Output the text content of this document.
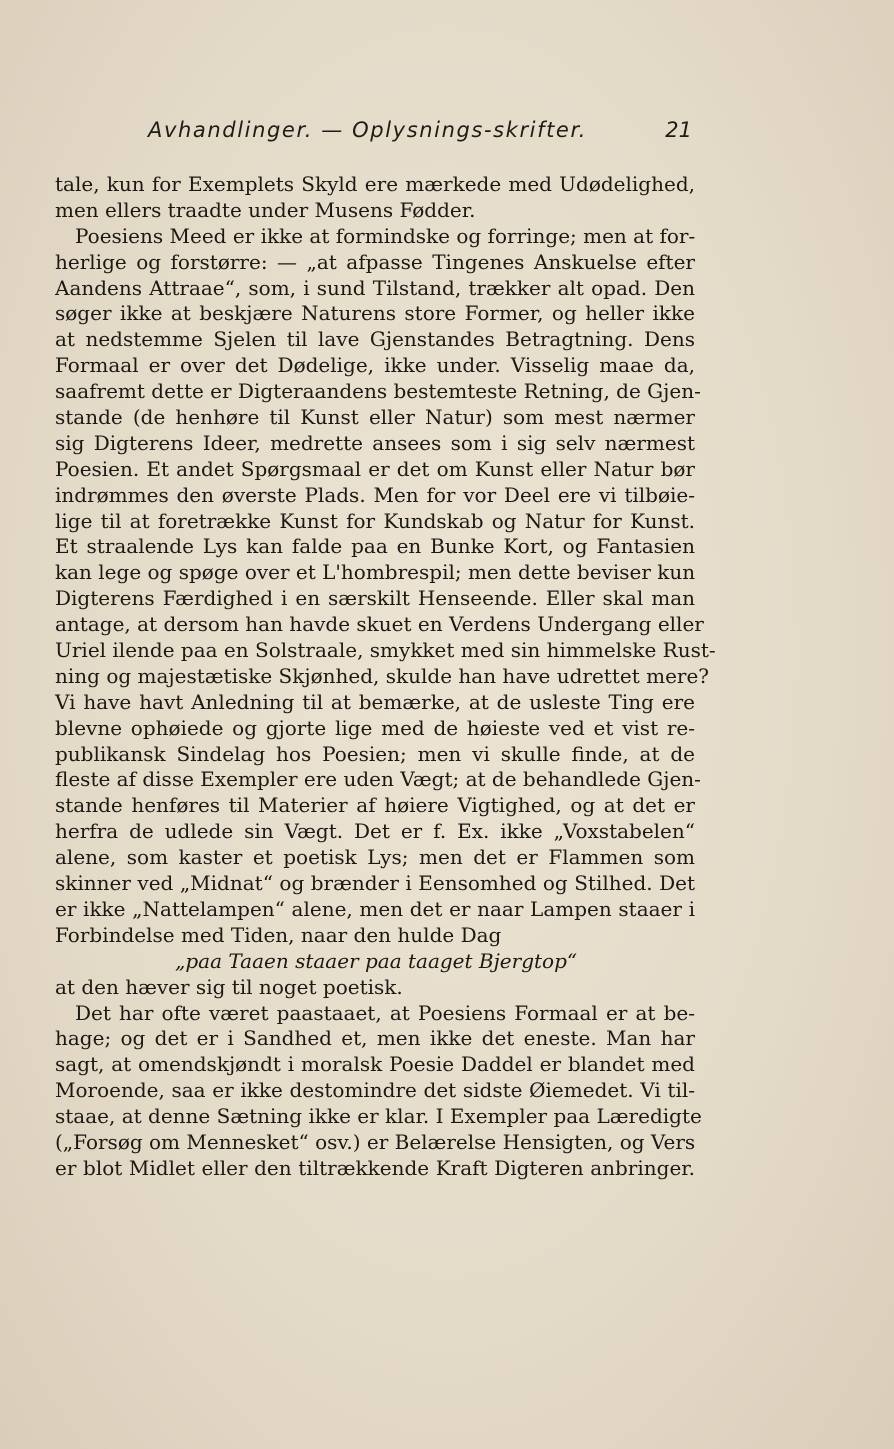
Avhandlinger. — Oplysnings-skrifter.	21
tale, kun for Exemplets Skyld ere mærkede med Udødelighed,
men ellers traadte under Musens Fødder.
Poesiens Meed er ikke at formindske og forringe; men at for-
herlige og forstørre: — „at afpasse Tingenes Anskuelse efter
Aandens Attraae“, som, i sund Tilstand, trækker alt opad. Den
søger ikke at beskjære Naturens store Former, og heller ikke
at nedstemme Sjelen til lave Gjenstandes Betragtning. Dens
Formaal er over det Dødelige, ikke under. Visselig maae da,
saafremt dette er Digteraandens bestemteste Retning, de Gjen-
stande (de henhøre til Kunst eller Natur) som mest nærmer
sig Digterens Ideer, medrette ansees som i sig selv nærmest
Poesien. Et andet Spørgsmaal er det om Kunst eller Natur bør
indrømmes den øverste Plads. Men for vor Deel ere vi tilbøie-
lige til at foretrække Kunst for Kundskab og Natur for Kunst.
Et straalende Lys kan falde paa en Bunke Kort, og Fantasien
kan lege og spøge over et L'hombrespil; men dette beviser kun
Digterens Færdighed i en særskilt Henseende. Eller skal man
antage, at dersom han havde skuet en Verdens Undergang eller
Uriel ilende paa en Solstraale, smykket med sin himmelske Rust-
ning og majestætiske Skjønhed, skulde han have udrettet mere?
Vi have havt Anledning til at bemærke, at de usleste Ting ere
blevne ophøiede og gjorte lige med de høieste ved et vist re-
publikansk Sindelag hos Poesien; men vi skulle finde, at de
fleste af disse Exempler ere uden Vægt; at de behandlede Gjen-
stande henføres til Materier af høiere Vigtighed, og at det er
herfra de udlede sin Vægt. Det er f. Ex. ikke „Voxstabelen“
alene, som kaster et poetisk Lys; men det er Flammen som
skinner ved „Midnat“ og brænder i Eensomhed og Stilhed. Det
er ikke „Nattelampen“ alene, men det er naar Lampen staaer i
Forbindelse med Tiden, naar den hulde Dag
„paa Taaen staaer paa taaget Bjergtop“
at den hæver sig til noget poetisk.
Det har ofte været paastaaet, at Poesiens Formaal er at be-
hage; og det er i Sandhed et, men ikke det eneste. Man har
sagt, at omendskjøndt i moralsk Poesie Daddel er blandet med
Moroende, saa er ikke destomindre det sidste Øiemedet. Vi til-
staae, at denne Sætning ikke er klar. I Exempler paa Læredigte
(„Forsøg om Mennesket“ osv.) er Belærelse Hensigten, og Vers
er blot Midlet eller den tiltrækkende Kraft Digteren anbringer.
